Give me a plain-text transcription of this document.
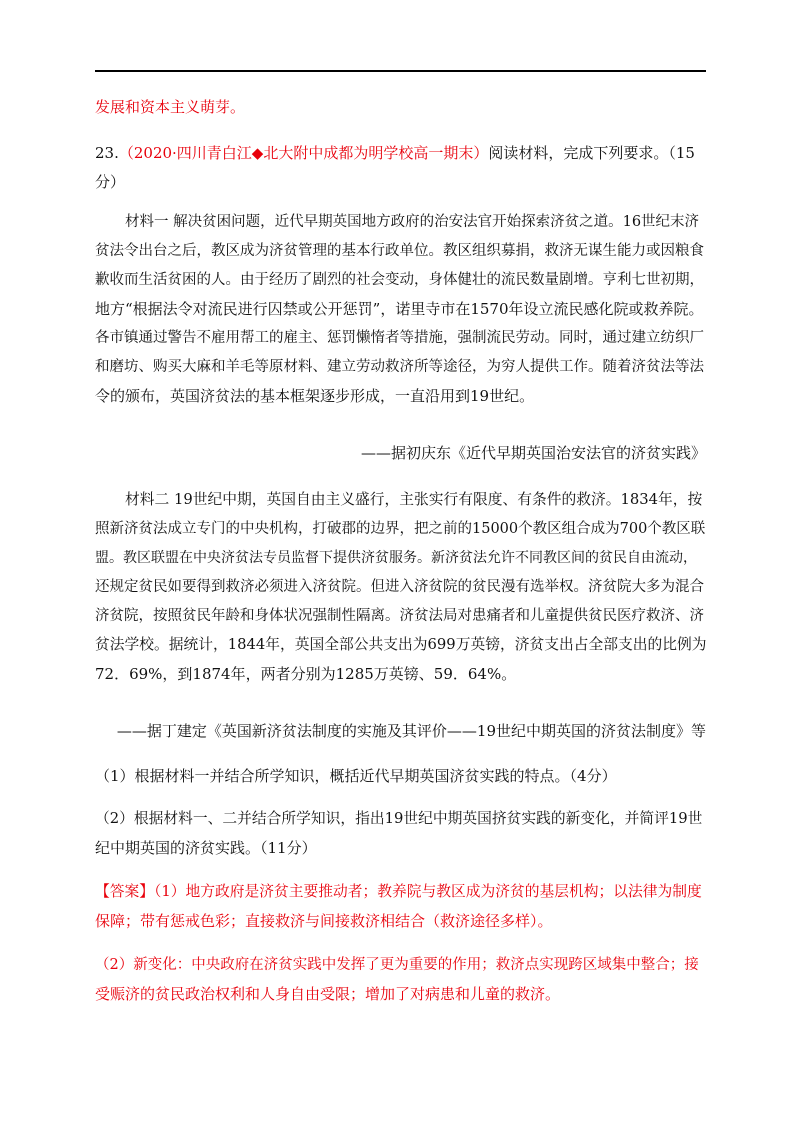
发展和资本主义萌芽。
23.（2020·四川青白江◆北大附中成都为明学校高一期末）阅读材料，完成下列要求。（15
分）
材料一 解决贫困问题，近代早期英国地方政府的治安法官开始探索济贫之道。16世纪末济
贫法令出台之后，教区成为济贫管理的基本行政单位。教区组织募捐，救济无谋生能力或因粮食
歉收而生活贫困的人。由于经历了剧烈的社会变动，身体健壮的流民数量剧增。亨利七世初期，
地方“根据法令对流民进行囚禁或公开惩罚”，诺里寺市在1570年设立流民感化院或救养院。
各市镇通过警告不雇用帮工的雇主、惩罚懒惰者等措施，强制流民劳动。同时，通过建立纺织厂
和磨坊、购买大麻和羊毛等原材料、建立劳动救济所等途径，为穷人提供工作。随着济贫法等法
令的颁布，英国济贫法的基本框架逐步形成，一直沿用到19世纪。
——据初庆东《近代早期英国治安法官的济贫实践》
材料二 19世纪中期，英国自由主义盛行，主张实行有限度、有条件的救济。1834年，按
照新济贫法成立专门的中央机构，打破郡的边界，把之前的15000个教区组合成为700个教区联
盟。教区联盟在中央济贫法专员监督下提供济贫服务。新济贫法允许不同教区间的贫民自由流动，
还规定贫民如要得到救济必须进入济贫院。但进入济贫院的贫民漫有选举权。济贫院大多为混合
济贫院，按照贫民年龄和身体状况强制性隔离。济贫法局对患痛者和儿童提供贫民医疗救济、济
贫法学校。据统计，1844年，英国全部公共支出为699万英镑，济贫支出占全部支出的比例为
72．69%，到1874年，两者分别为1285万英镑、59．64%。
——据丁建定《英国新济贫法制度的实施及其评价——19世纪中期英国的济贫法制度》等
（1）根据材料一并结合所学知识，概括近代早期英国济贫实践的特点。（4分）
（2）根据材料一、二并结合所学知识，指出19世纪中期英国挤贫实践的新变化，并简评19世
纪中期英国的济贫实践。（11分）
【答案】（1）地方政府是济贫主要推动者；教养院与教区成为济贫的基层机构；以法律为制度
保障；带有惩戒色彩；直接救济与间接救济相结合（救济途径多样）。
（2）新变化：中央政府在济贫实践中发挥了更为重要的作用；救济点实现跨区域集中整合；接
受赈济的贫民政治权利和人身自由受限；增加了对病患和儿童的救济。
